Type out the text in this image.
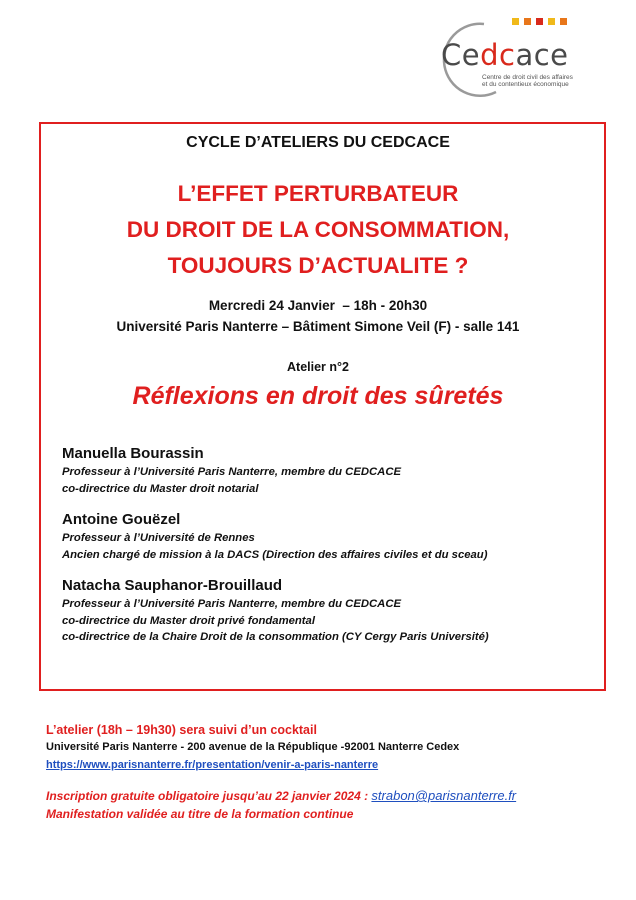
Cedcace
Centre de droit civil des affaires
et du contentieux économique
CYCLE D’ATELIERS DU CEDCACE
L’EFFET PERTURBATEUR
DU DROIT DE LA CONSOMMATION,
TOUJOURS D’ACTUALITE ?
Mercredi 24 Janvier  – 18h - 20h30
Université Paris Nanterre – Bâtiment Simone Veil (F) - salle 141
Atelier n°2
Réflexions en droit des sûretés
Manuella Bourassin
Professeur à l’Université Paris Nanterre, membre du CEDCACE
co-directrice du Master droit notarial
Antoine Gouëzel
Professeur à l’Université de Rennes
Ancien chargé de mission à la DACS (Direction des affaires civiles et du sceau)
Natacha Sauphanor-Brouillaud
Professeur à l’Université Paris Nanterre, membre du CEDCACE
co-directrice du Master droit privé fondamental
co-directrice de la Chaire Droit de la consommation (CY Cergy Paris Université)
L’atelier (18h – 19h30) sera suivi d’un cocktail
Université Paris Nanterre - 200 avenue de la République -92001 Nanterre Cedex
https://www.parisnanterre.fr/presentation/venir-a-paris-nanterre
Inscription gratuite obligatoire jusqu’au 22 janvier 2024 : strabon@parisnanterre.fr
Manifestation validée au titre de la formation continue
